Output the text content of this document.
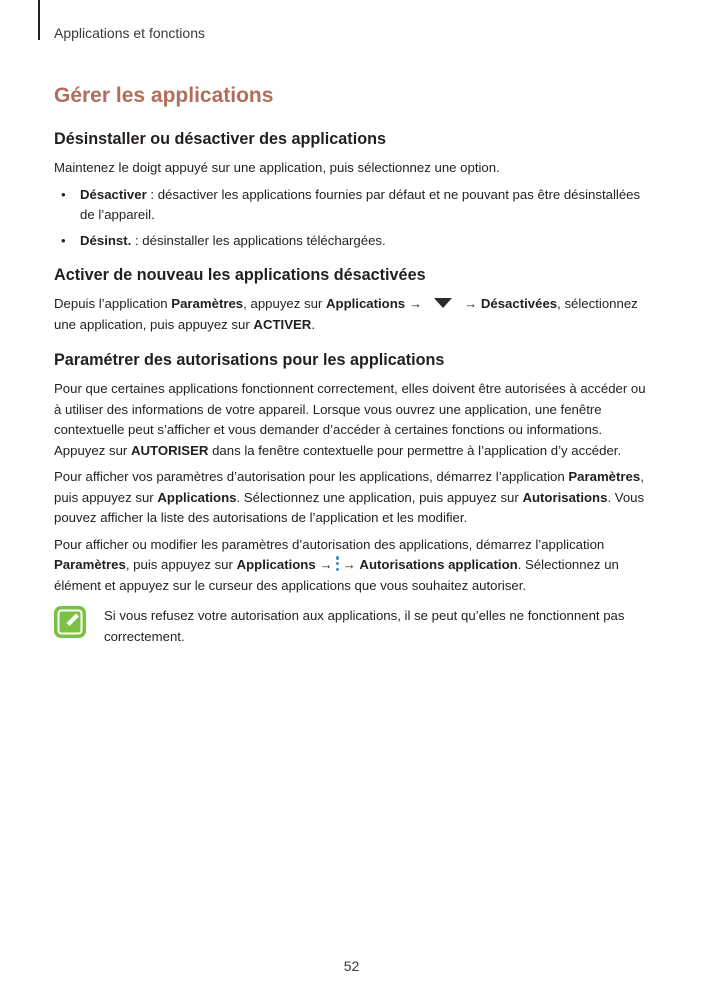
Applications et fonctions
Gérer les applications
Désinstaller ou désactiver des applications

Maintenez le doigt appuyé sur une application, puis sélectionnez une option.

• Désactiver : désactiver les applications fournies par défaut et ne pouvant pas être désinstallées de l’appareil.
• Désinst. : désinstaller les applications téléchargées.
Activer de nouveau les applications désactivées

Depuis l’application Paramètres, appuyez sur Applications →	→ Désactivées, sélectionnez une application, puis appuyez sur ACTIVER.

Paramétrer des autorisations pour les applications

Pour que certaines applications fonctionnent correctement, elles doivent être autorisées à accéder ou à utiliser des informations de votre appareil. Lorsque vous ouvrez une application, une fenêtre contextuelle peut s’afficher et vous demander d’accéder à certaines fonctions ou informations. Appuyez sur AUTORISER dans la fenêtre contextuelle pour permettre à l’application d’y accéder.

Pour afficher vos paramètres d’autorisation pour les applications, démarrez l’application Paramètres, puis appuyez sur Applications. Sélectionnez une application, puis appuyez sur Autorisations. Vous pouvez afficher la liste des autorisations de l’application et les modifier.

Pour afficher ou modifier les paramètres d’autorisation des applications, démarrez l’application Paramètres, puis appuyez sur Applications → → Autorisations application. Sélectionnez un élément et appuyez sur le curseur des applications que vous souhaitez autoriser.

Si vous refusez votre autorisation aux applications, il se peut qu’elles ne fonctionnent pas correctement.
52
